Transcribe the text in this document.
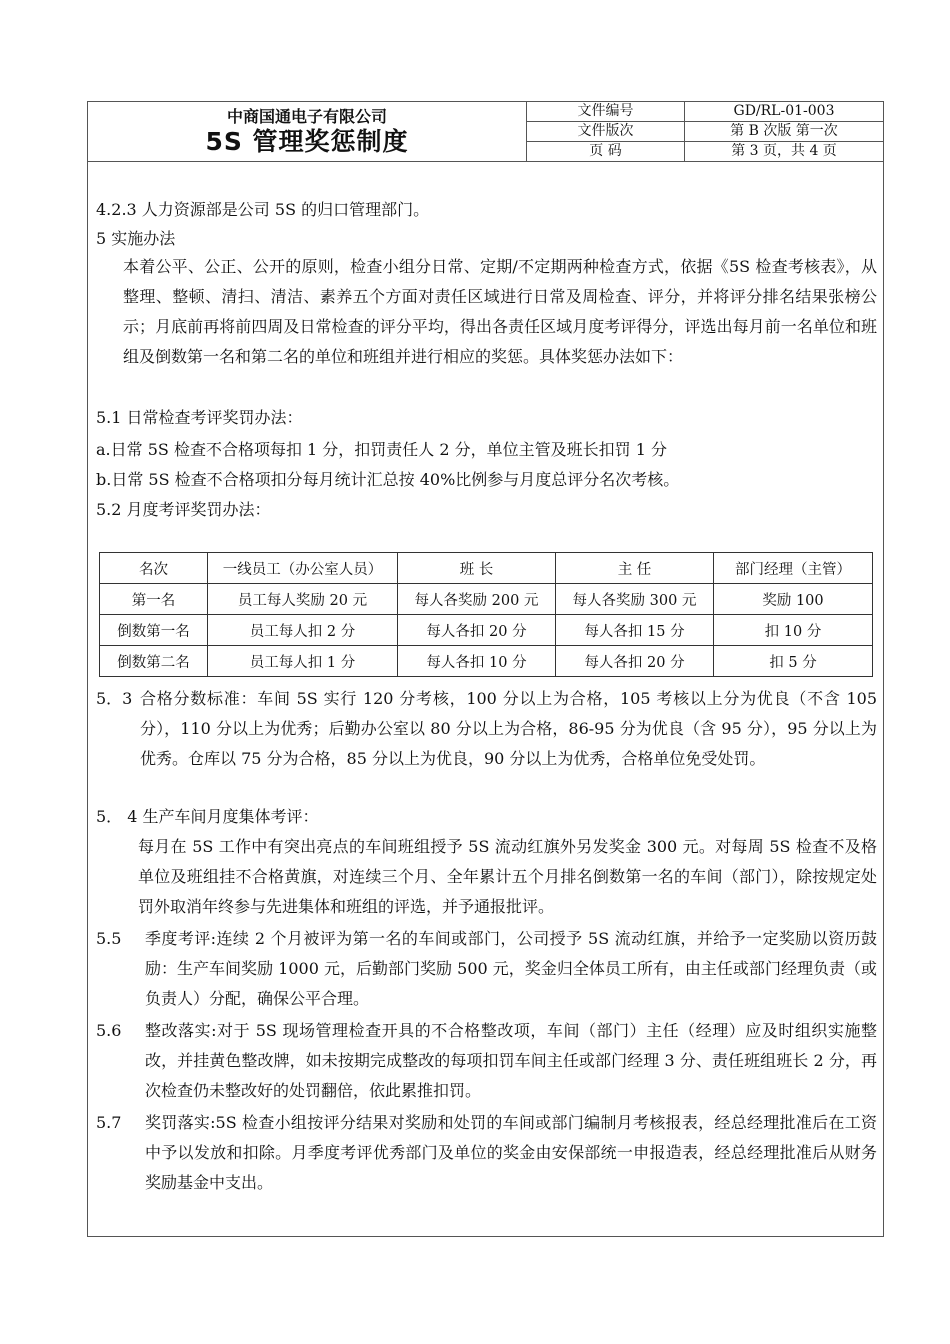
中商国通电子有限公司
5S 管理奖惩制度
文件编号	GD/RL-01-003
文件版次	第 B 次版 第一次
页 码	第 3 页，共 4 页
4.2.3 人力资源部是公司 5S 的归口管理部门。
5 实施办法
本着公平、公正、公开的原则，检查小组分日常、定期/不定期两种检查方式，依据《5S 检查考核表》，从整理、整顿、清扫、清洁、素养五个方面对责任区域进行日常及周检查、评分，并将评分排名结果张榜公示；月底前再将前四周及日常检查的评分平均，得出各责任区域月度考评得分，评选出每月前一名单位和班组及倒数第一名和第二名的单位和班组并进行相应的奖惩。具体奖惩办法如下：
5.1 日常检查考评奖罚办法：
a.日常 5S 检查不合格项每扣 1 分，扣罚责任人 2 分，单位主管及班长扣罚 1 分
b.日常 5S 检查不合格项扣分每月统计汇总按 40%比例参与月度总评分名次考核。
5.2 月度考评奖罚办法：
名次	一线员工（办公室人员）	班 长	主 任	部门经理（主管）
第一名	员工每人奖励 20 元	每人各奖励 200 元	每人各奖励 300 元	奖励 100
倒数第一名	员工每人扣 2 分	每人各扣 20 分	每人各扣 15 分	扣 10 分
倒数第二名	员工每人扣 1 分	每人各扣 10 分	每人各扣 20 分	扣 5 分
5．3 合格分数标准：车间 5S 实行 120 分考核，100 分以上为合格，105 考核以上分为优良（不含 105 分），110 分以上为优秀；后勤办公室以 80 分以上为合格，86-95 分为优良（含 95 分），95 分以上为优秀。仓库以 75 分为合格，85 分以上为优良，90 分以上为优秀，合格单位免受处罚。
5． 4 生产车间月度集体考评：
每月在 5S 工作中有突出亮点的车间班组授予 5S 流动红旗外另发奖金 300 元。对每周 5S 检查不及格单位及班组挂不合格黄旗，对连续三个月、全年累计五个月排名倒数第一名的车间（部门），除按规定处罚外取消年终参与先进集体和班组的评选，并予通报批评。
5.5 季度考评:连续 2 个月被评为第一名的车间或部门，公司授予 5S 流动红旗，并给予一定奖励以资历鼓励：生产车间奖励 1000 元，后勤部门奖励 500 元，奖金归全体员工所有，由主任或部门经理负责（或负责人）分配，确保公平合理。
5.6 整改落实:对于 5S 现场管理检查开具的不合格整改项，车间（部门）主任（经理）应及时组织实施整改，并挂黄色整改牌，如未按期完成整改的每项扣罚车间主任或部门经理 3 分、责任班组班长 2 分，再次检查仍未整改好的处罚翻倍，依此累推扣罚。
5.7 奖罚落实:5S 检查小组按评分结果对奖励和处罚的车间或部门编制月考核报表，经总经理批准后在工资中予以发放和扣除。月季度考评优秀部门及单位的奖金由安保部统一申报造表，经总经理批准后从财务奖励基金中支出。
